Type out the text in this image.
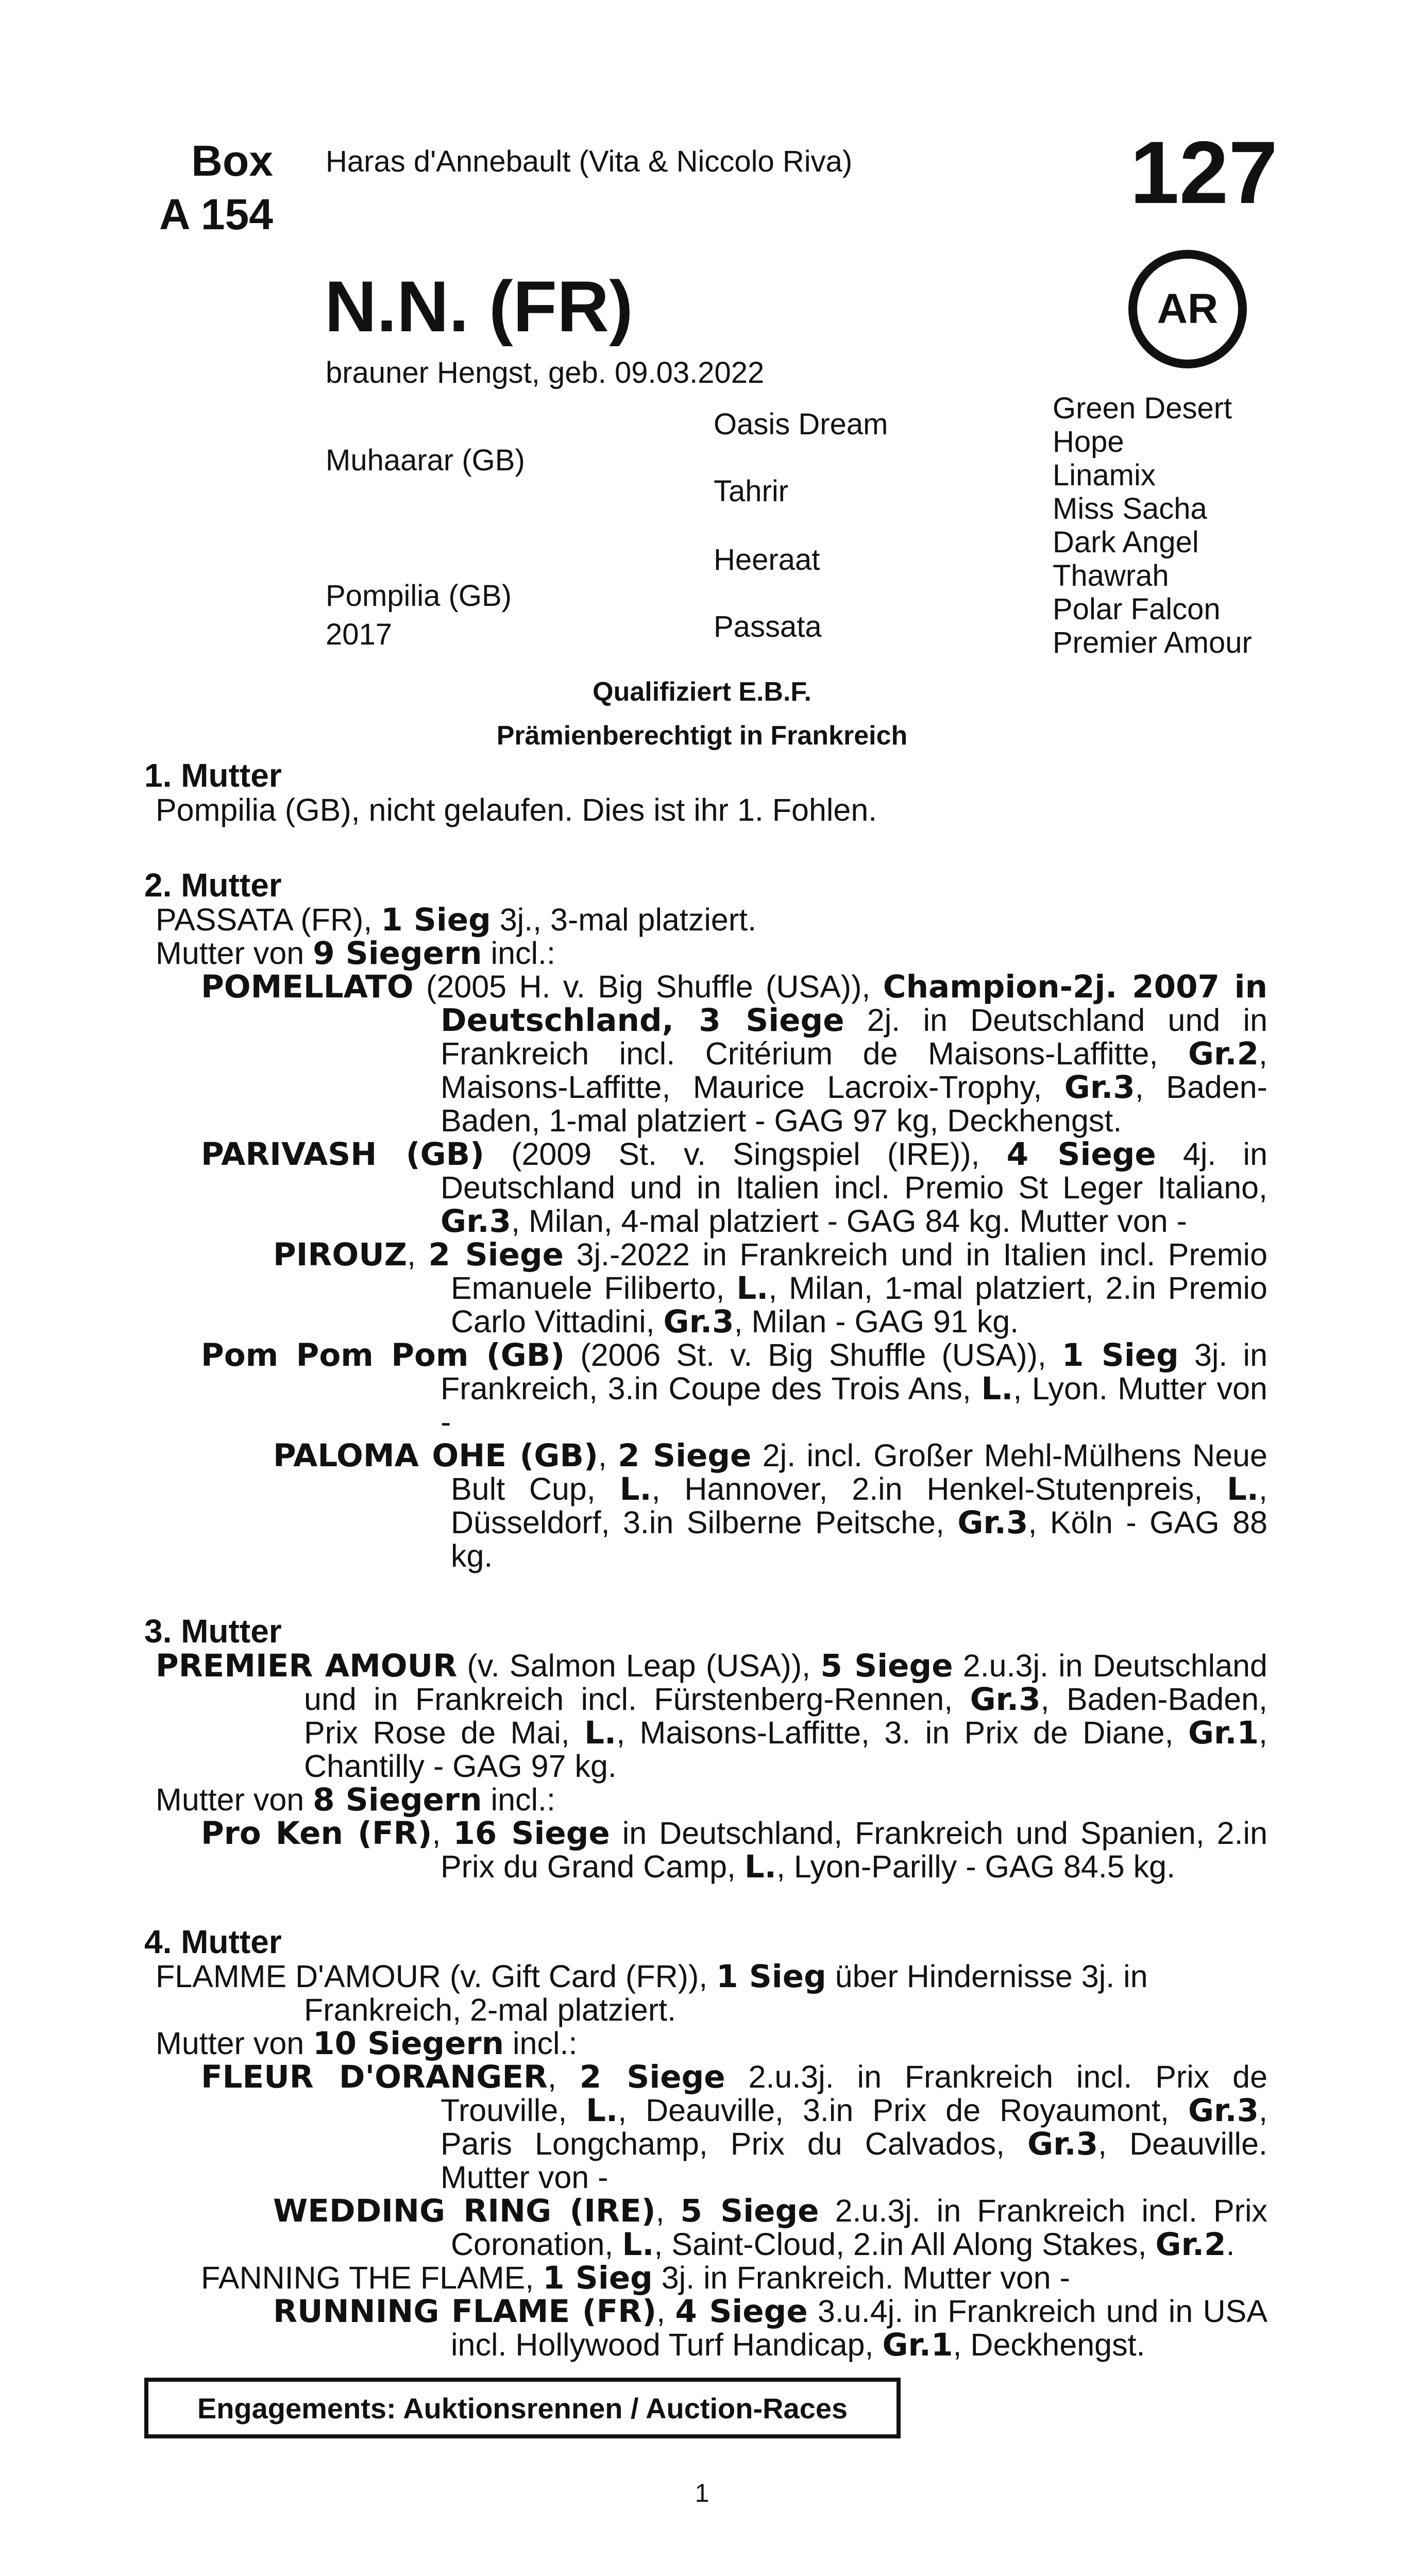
Box
A 154
Haras d'Annebault (Vita & Niccolo Riva)	127
N.N. (FR)	AR
brauner Hengst, geb. 09.03.2022
Muhaarar (GB)
Pompilia (GB)
2017
Oasis Dream
Tahrir
Heeraat
Passata
Green Desert
Hope
Linamix
Miss Sacha
Dark Angel
Thawrah
Polar Falcon
Premier Amour
Qualifiziert E.B.F.
Prämienberechtigt in Frankreich
1. Mutter

Pompilia (GB), nicht gelaufen. Dies ist ihr 1. Fohlen.

2. Mutter

PASSATA (FR), 1 Sieg 3j., 3-mal platziert.

Mutter von 9 Siegern incl.:

POMELLATO (2005 H. v. Big Shuffle (USA)), Champion-2j. 2007 in Deutschland, 3 Siege 2j. in Deutschland und in Frankreich incl. Critérium de Maisons-Laffitte, Gr.2, Maisons-Laffitte, Maurice Lacroix-Trophy, Gr.3, Baden-Baden, 1-mal platziert - GAG 97 kg, Deckhengst.

PARIVASH (GB) (2009 St. v. Singspiel (IRE)), 4 Siege 4j. in Deutschland und in Italien incl. Premio St Leger Italiano, Gr.3, Milan, 4-mal platziert - GAG 84 kg. Mutter von -

PIROUZ, 2 Siege 3j.-2022 in Frankreich und in Italien incl. Premio Emanuele Filiberto, L., Milan, 1-mal platziert, 2.in Premio Carlo Vittadini, Gr.3, Milan - GAG 91 kg.

Pom Pom Pom (GB) (2006 St. v. Big Shuffle (USA)), 1 Sieg 3j. in Frankreich, 3.in Coupe des Trois Ans, L., Lyon. Mutter von -

PALOMA OHE (GB), 2 Siege 2j. incl. Großer Mehl-Mülhens Neue Bult Cup, L., Hannover, 2.in Henkel-Stutenpreis, L., Düsseldorf, 3.in Silberne Peitsche, Gr.3, Köln - GAG 88 kg.

3. Mutter

PREMIER AMOUR (v. Salmon Leap (USA)), 5 Siege 2.u.3j. in Deutschland und in Frankreich incl. Fürstenberg-Rennen, Gr.3, Baden-Baden, Prix Rose de Mai, L., Maisons-Laffitte, 3. in Prix de Diane, Gr.1, Chantilly - GAG 97 kg.

Mutter von 8 Siegern incl.:

Pro Ken (FR), 16 Siege in Deutschland, Frankreich und Spanien, 2.in Prix du Grand Camp, L., Lyon-Parilly - GAG 84.5 kg.

4. Mutter

FLAMME D'AMOUR (v. Gift Card (FR)), 1 Sieg über Hindernisse 3j. in Frankreich, 2-mal platziert.

Mutter von 10 Siegern incl.:

FLEUR D'ORANGER, 2 Siege 2.u.3j. in Frankreich incl. Prix de Trouville, L., Deauville, 3.in Prix de Royaumont, Gr.3, Paris Longchamp, Prix du Calvados, Gr.3, Deauville. Mutter von -

WEDDING RING (IRE), 5 Siege 2.u.3j. in Frankreich incl. Prix Coronation, L., Saint-Cloud, 2.in All Along Stakes, Gr.2.

FANNING THE FLAME, 1 Sieg 3j. in Frankreich. Mutter von -

RUNNING FLAME (FR), 4 Siege 3.u.4j. in Frankreich und in USA incl. Hollywood Turf Handicap, Gr.1, Deckhengst.

Engagements: Auktionsrennen / Auction-Races
1
